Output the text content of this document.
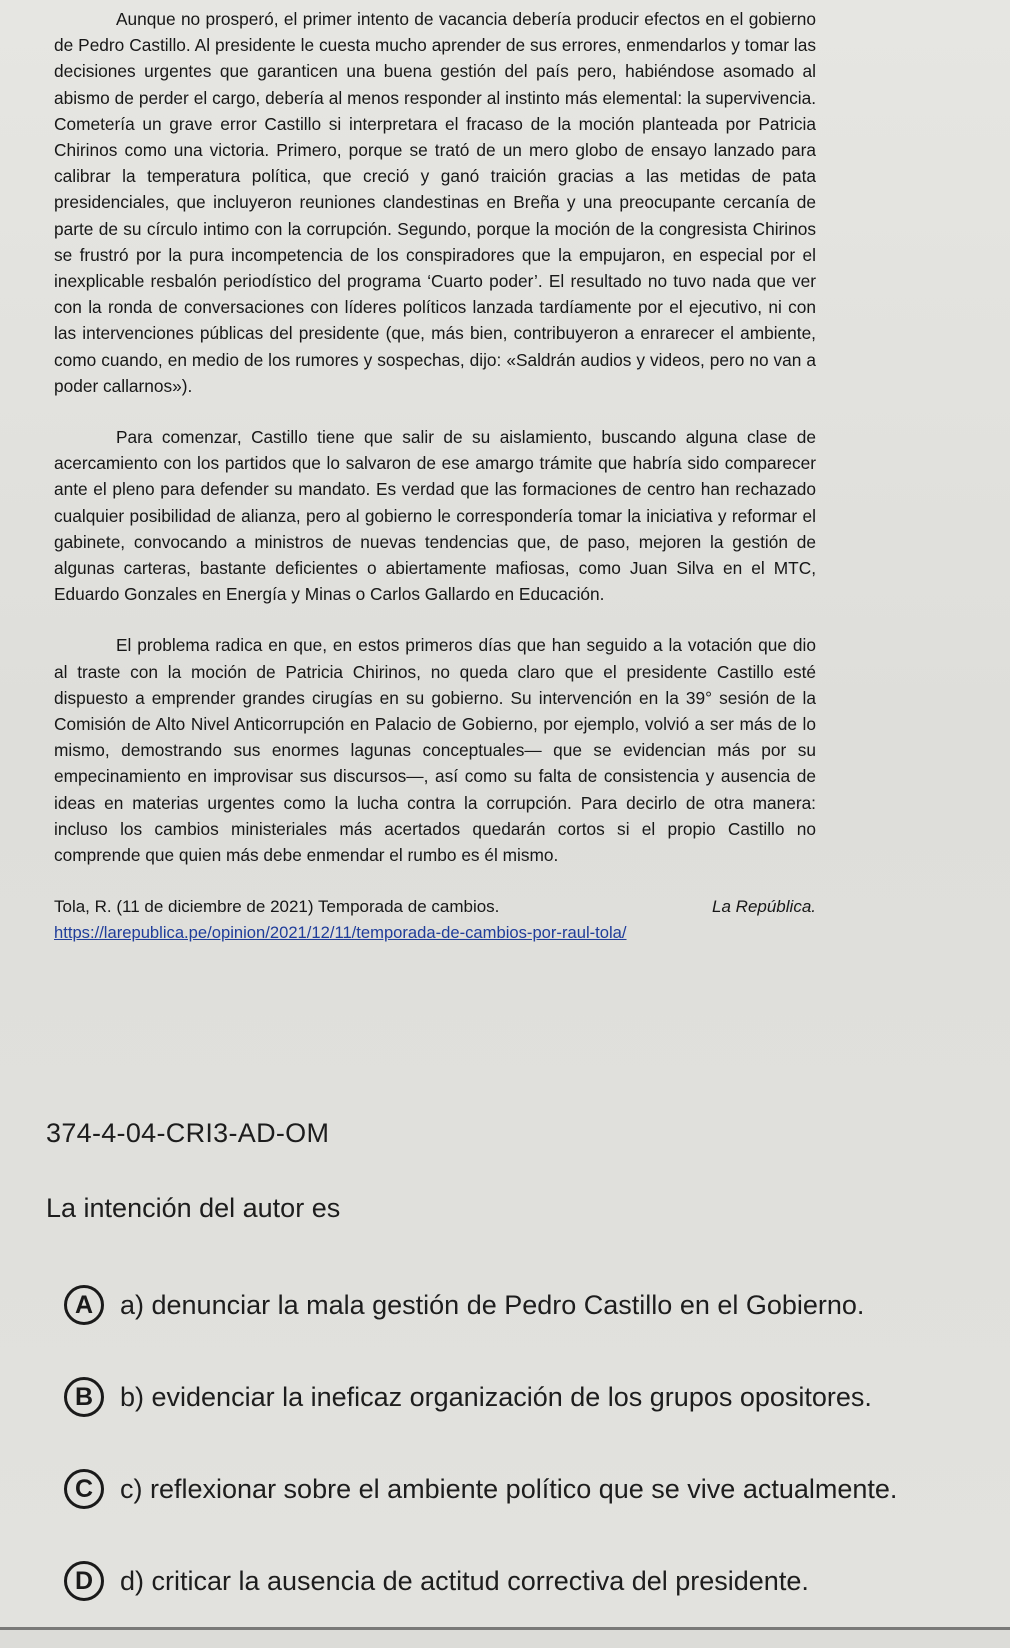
Aunque no prosperó, el primer intento de vacancia debería producir efectos en el gobierno de Pedro Castillo. Al presidente le cuesta mucho aprender de sus errores, enmendarlos y tomar las decisiones urgentes que garanticen una buena gestión del país pero, habiéndose asomado al abismo de perder el cargo, debería al menos responder al instinto más elemental: la supervivencia. Cometería un grave error Castillo si interpretara el fracaso de la moción planteada por Patricia Chirinos como una victoria. Primero, porque se trató de un mero globo de ensayo lanzado para calibrar la temperatura política, que creció y ganó traición gracias a las metidas de pata presidenciales, que incluyeron reuniones clandestinas en Breña y una preocupante cercanía de parte de su círculo intimo con la corrupción. Segundo, porque la moción de la congresista Chirinos se frustró por la pura incompetencia de los conspiradores que la empujaron, en especial por el inexplicable resbalón periodístico del programa ‘Cuarto poder’. El resultado no tuvo nada que ver con la ronda de conversaciones con líderes políticos lanzada tardíamente por el ejecutivo, ni con las intervenciones públicas del presidente (que, más bien, contribuyeron a enrarecer el ambiente, como cuando, en medio de los rumores y sospechas, dijo: «Saldrán audios y videos, pero no van a poder callarnos»).

Para comenzar, Castillo tiene que salir de su aislamiento, buscando alguna clase de acercamiento con los partidos que lo salvaron de ese amargo trámite que habría sido comparecer ante el pleno para defender su mandato. Es verdad que las formaciones de centro han rechazado cualquier posibilidad de alianza, pero al gobierno le correspondería tomar la iniciativa y reformar el gabinete, convocando a ministros de nuevas tendencias que, de paso, mejoren la gestión de algunas carteras, bastante deficientes o abiertamente mafiosas, como Juan Silva en el MTC, Eduardo Gonzales en Energía y Minas o Carlos Gallardo en Educación.

El problema radica en que, en estos primeros días que han seguido a la votación que dio al traste con la moción de Patricia Chirinos, no queda claro que el presidente Castillo esté dispuesto a emprender grandes cirugías en su gobierno. Su intervención en la 39° sesión de la Comisión de Alto Nivel Anticorrupción en Palacio de Gobierno, por ejemplo, volvió a ser más de lo mismo, demostrando sus enormes lagunas conceptuales— que se evidencian más por su empecinamiento en improvisar sus discursos—, así como su falta de consistencia y ausencia de ideas en materias urgentes como la lucha contra la corrupción. Para decirlo de otra manera: incluso los cambios ministeriales más acertados quedarán cortos si el propio Castillo no comprende que quien más debe enmendar el rumbo es él mismo.

Tola, R. (11 de diciembre de 2021) Temporada de cambios.	La República.
https://larepublica.pe/opinion/2021/12/11/temporada-de-cambios-por-raul-tola/
374-4-04-CRI3-AD-OM
La intención del autor es
A a) denunciar la mala gestión de Pedro Castillo en el Gobierno.
B b) evidenciar la ineficaz organización de los grupos opositores.
C c) reflexionar sobre el ambiente político que se vive actualmente.
D d) criticar la ausencia de actitud correctiva del presidente.
